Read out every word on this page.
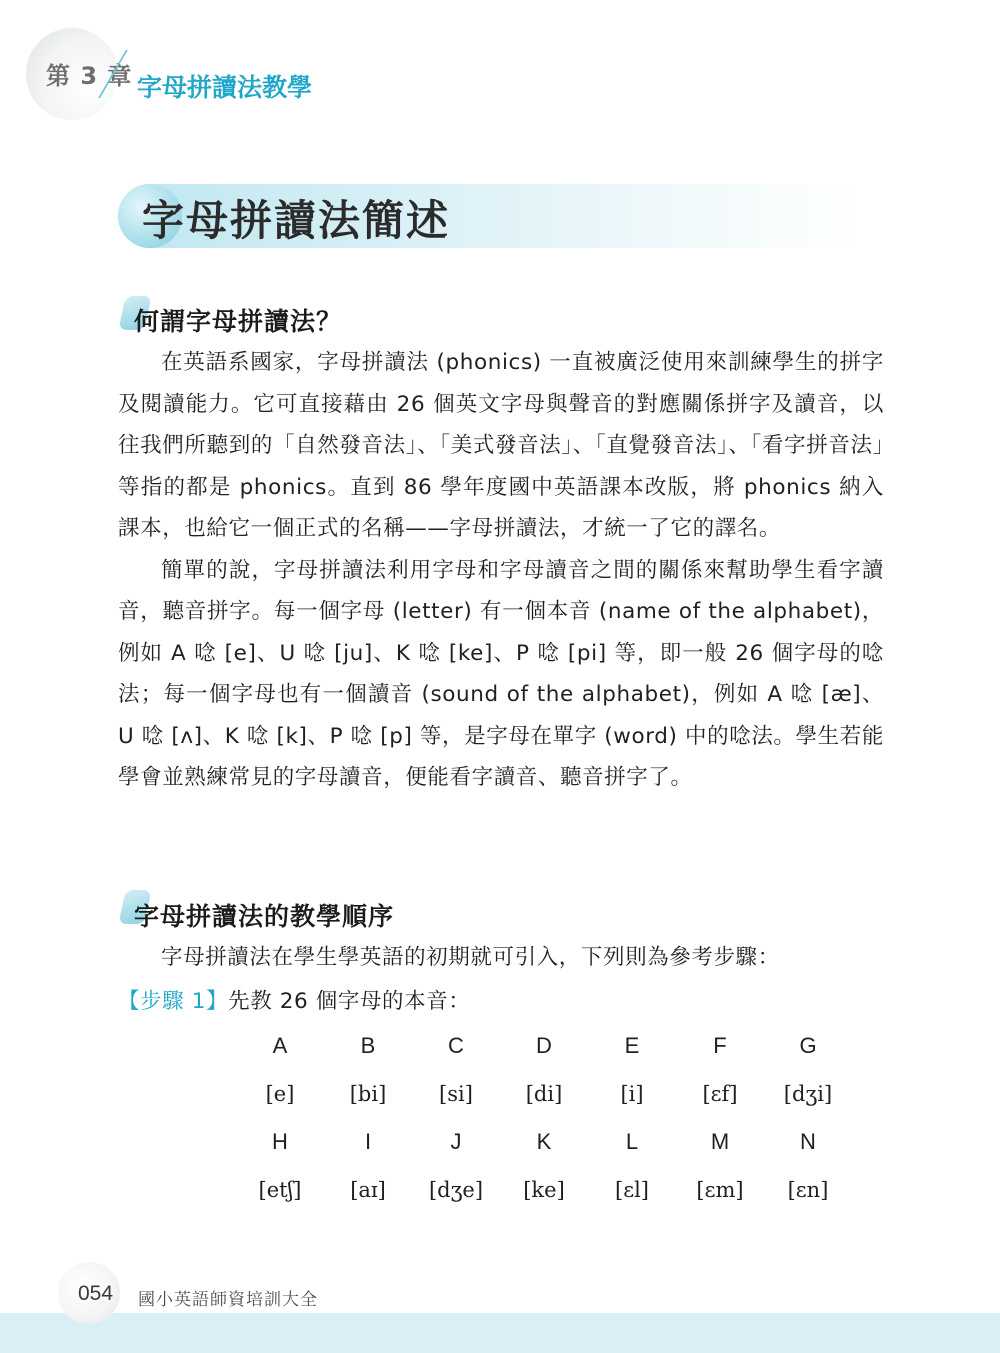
第 3 章 字母拼讀法教學
字母拼讀法簡述
何謂字母拼讀法？

在英語系國家，字母拼讀法 (phonics) 一直被廣泛使用來訓練學生的拼字及閱讀能力。它可直接藉由 26 個英文字母與聲音的對應關係拼字及讀音，以往我們所聽到的「自然發音法」、「美式發音法」、「直覺發音法」、「看字拼音法」等指的都是 phonics。直到 86 學年度國中英語課本改版，將 phonics 納入課本，也給它一個正式的名稱——字母拼讀法，才統一了它的譯名。

簡單的說，字母拼讀法利用字母和字母讀音之間的關係來幫助學生看字讀音，聽音拼字。每一個字母 (letter) 有一個本音 (name of the alphabet)，例如 A 唸 [e]、U 唸 [ju]、K 唸 [ke]、P 唸 [pi] 等，即一般 26 個字母的唸法；每一個字母也有一個讀音 (sound of the alphabet)，例如 A 唸 [æ]、U 唸 [ʌ]、K 唸 [k]、P 唸 [p] 等，是字母在單字 (word) 中的唸法。學生若能學會並熟練常見的字母讀音，便能看字讀音、聽音拼字了。

字母拼讀法的教學順序

字母拼讀法在學生學英語的初期就可引入，下列則為參考步驟：

【步驟 1】先教 26 個字母的本音：
A	B	C	D	E	F	G
[e]	[bi]	[si]	[di]	[i]	[ɛf]	[dʒi]
H	I	J	K	L	M	N
[etʃ]	[aɪ]	[dʒe]	[ke]	[ɛl]	[ɛm]	[ɛn]
054 國小英語師資培訓大全
